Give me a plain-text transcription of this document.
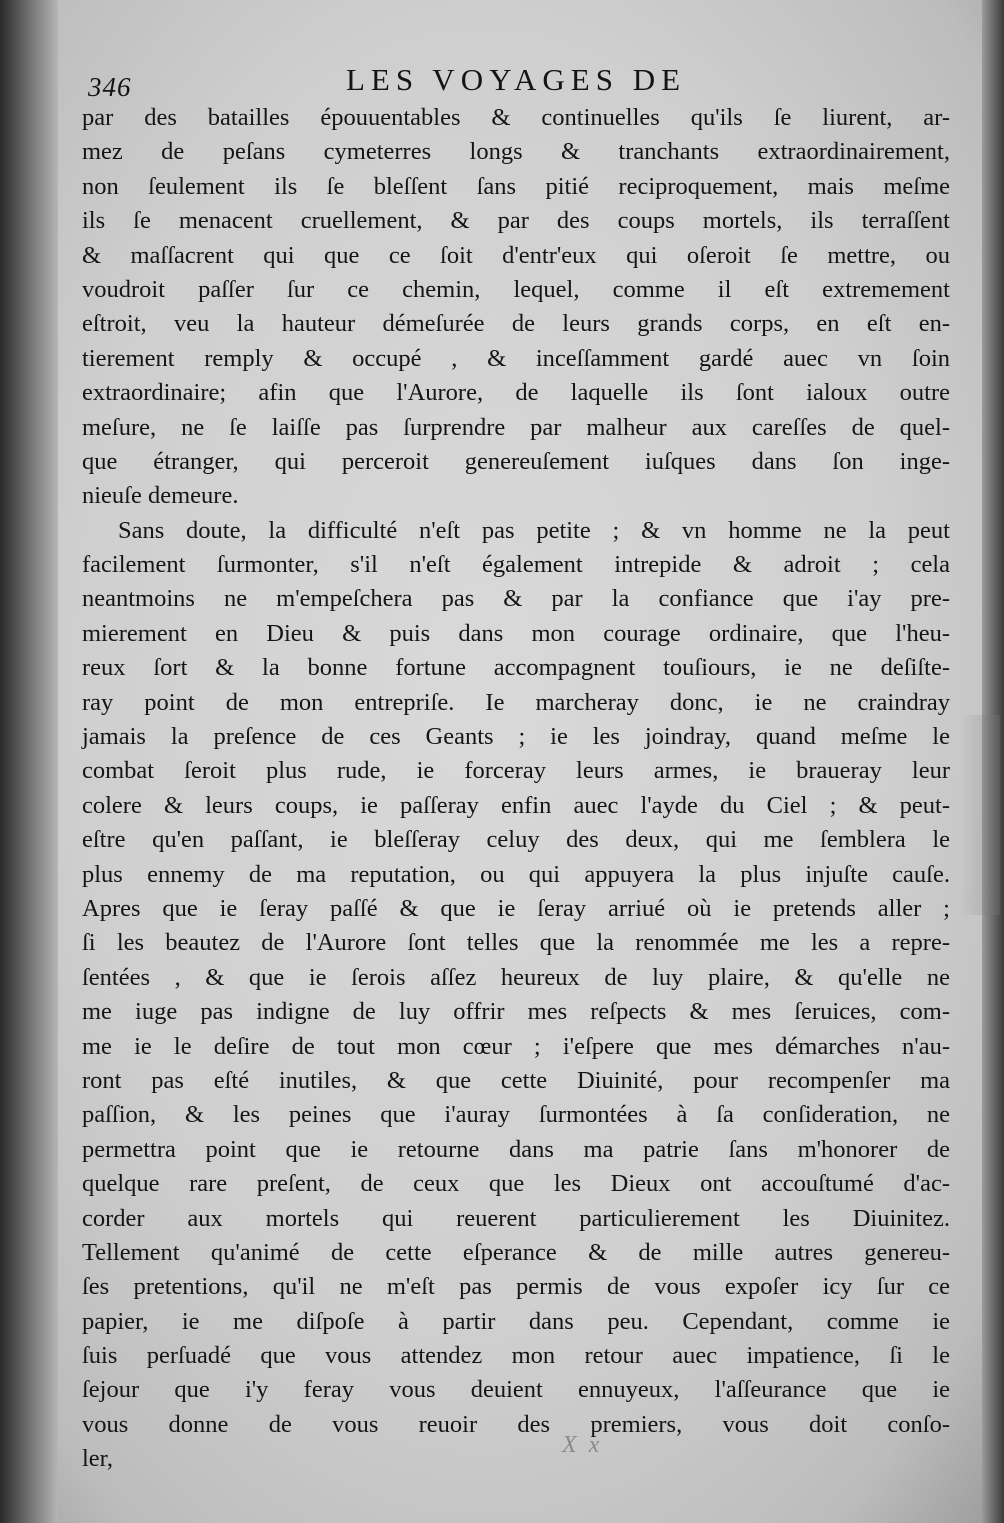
346	LES VOYAGES DE
par des batailles épouuentables & continuelles qu'ils ſe liurent, ar-
mez de peſans cymeterres longs & tranchants extraordinairement,
non ſeulement ils ſe bleſſent ſans pitié reciproquement, mais meſme
ils ſe menacent cruellement, & par des coups mortels, ils terraſſent
& maſſacrent qui que ce ſoit d'entr'eux qui oſeroit ſe mettre, ou
voudroit paſſer ſur ce chemin, lequel, comme il eſt extremement
eſtroit, veu la hauteur démeſurée de leurs grands corps, en eſt en-
tierement remply & occupé , & inceſſamment gardé auec vn ſoin
extraordinaire; afin que l'Aurore, de laquelle ils ſont ialoux outre
meſure, ne ſe laiſſe pas ſurprendre par malheur aux careſſes de quel-
que étranger, qui perceroit genereuſement iuſques dans ſon inge-
nieuſe demeure.
Sans doute, la difficulté n'eſt pas petite ; & vn homme ne la peut
facilement ſurmonter, s'il n'eſt également intrepide & adroit ; cela
neantmoins ne m'empeſchera pas & par la confiance que i'ay pre-
mierement en Dieu & puis dans mon courage ordinaire, que l'heu-
reux ſort & la bonne fortune accompagnent touſiours, ie ne deſiſte-
ray point de mon entrepriſe. Ie marcheray donc, ie ne craindray
jamais la preſence de ces Geants ; ie les joindray, quand meſme le
combat ſeroit plus rude, ie forceray leurs armes, ie braueray leur
colere & leurs coups, ie paſſeray enfin auec l'ayde du Ciel ; & peut-
eſtre qu'en paſſant, ie bleſſeray celuy des deux, qui me ſemblera le
plus ennemy de ma reputation, ou qui appuyera la plus injuſte cauſe.
Apres que ie ſeray paſſé & que ie ſeray arriué où ie pretends aller ;
ſi les beautez de l'Aurore ſont telles que la renommée me les a repre-
ſentées , & que ie ſerois aſſez heureux de luy plaire, & qu'elle ne
me iuge pas indigne de luy offrir mes reſpects & mes ſeruices, com-
me ie le deſire de tout mon cœur ; i'eſpere que mes démarches n'au-
ront pas eſté inutiles, & que cette Diuinité, pour recompenſer ma
paſſion, & les peines que i'auray ſurmontées à ſa conſideration, ne
permettra point que ie retourne dans ma patrie ſans m'honorer de
quelque rare preſent, de ceux que les Dieux ont accouſtumé d'ac-
corder aux mortels qui reuerent particulierement les Diuinitez.
Tellement qu'animé de cette eſperance & de mille autres genereu-
ſes pretentions, qu'il ne m'eſt pas permis de vous expoſer icy ſur ce
papier, ie me diſpoſe à partir dans peu. Cependant, comme ie
ſuis perſuadé que vous attendez mon retour auec impatience, ſi le
ſejour que i'y feray vous deuient ennuyeux, l'aſſeurance que ie
vous donne de vous reuoir des premiers, vous doit conſo-
ler,
X x
